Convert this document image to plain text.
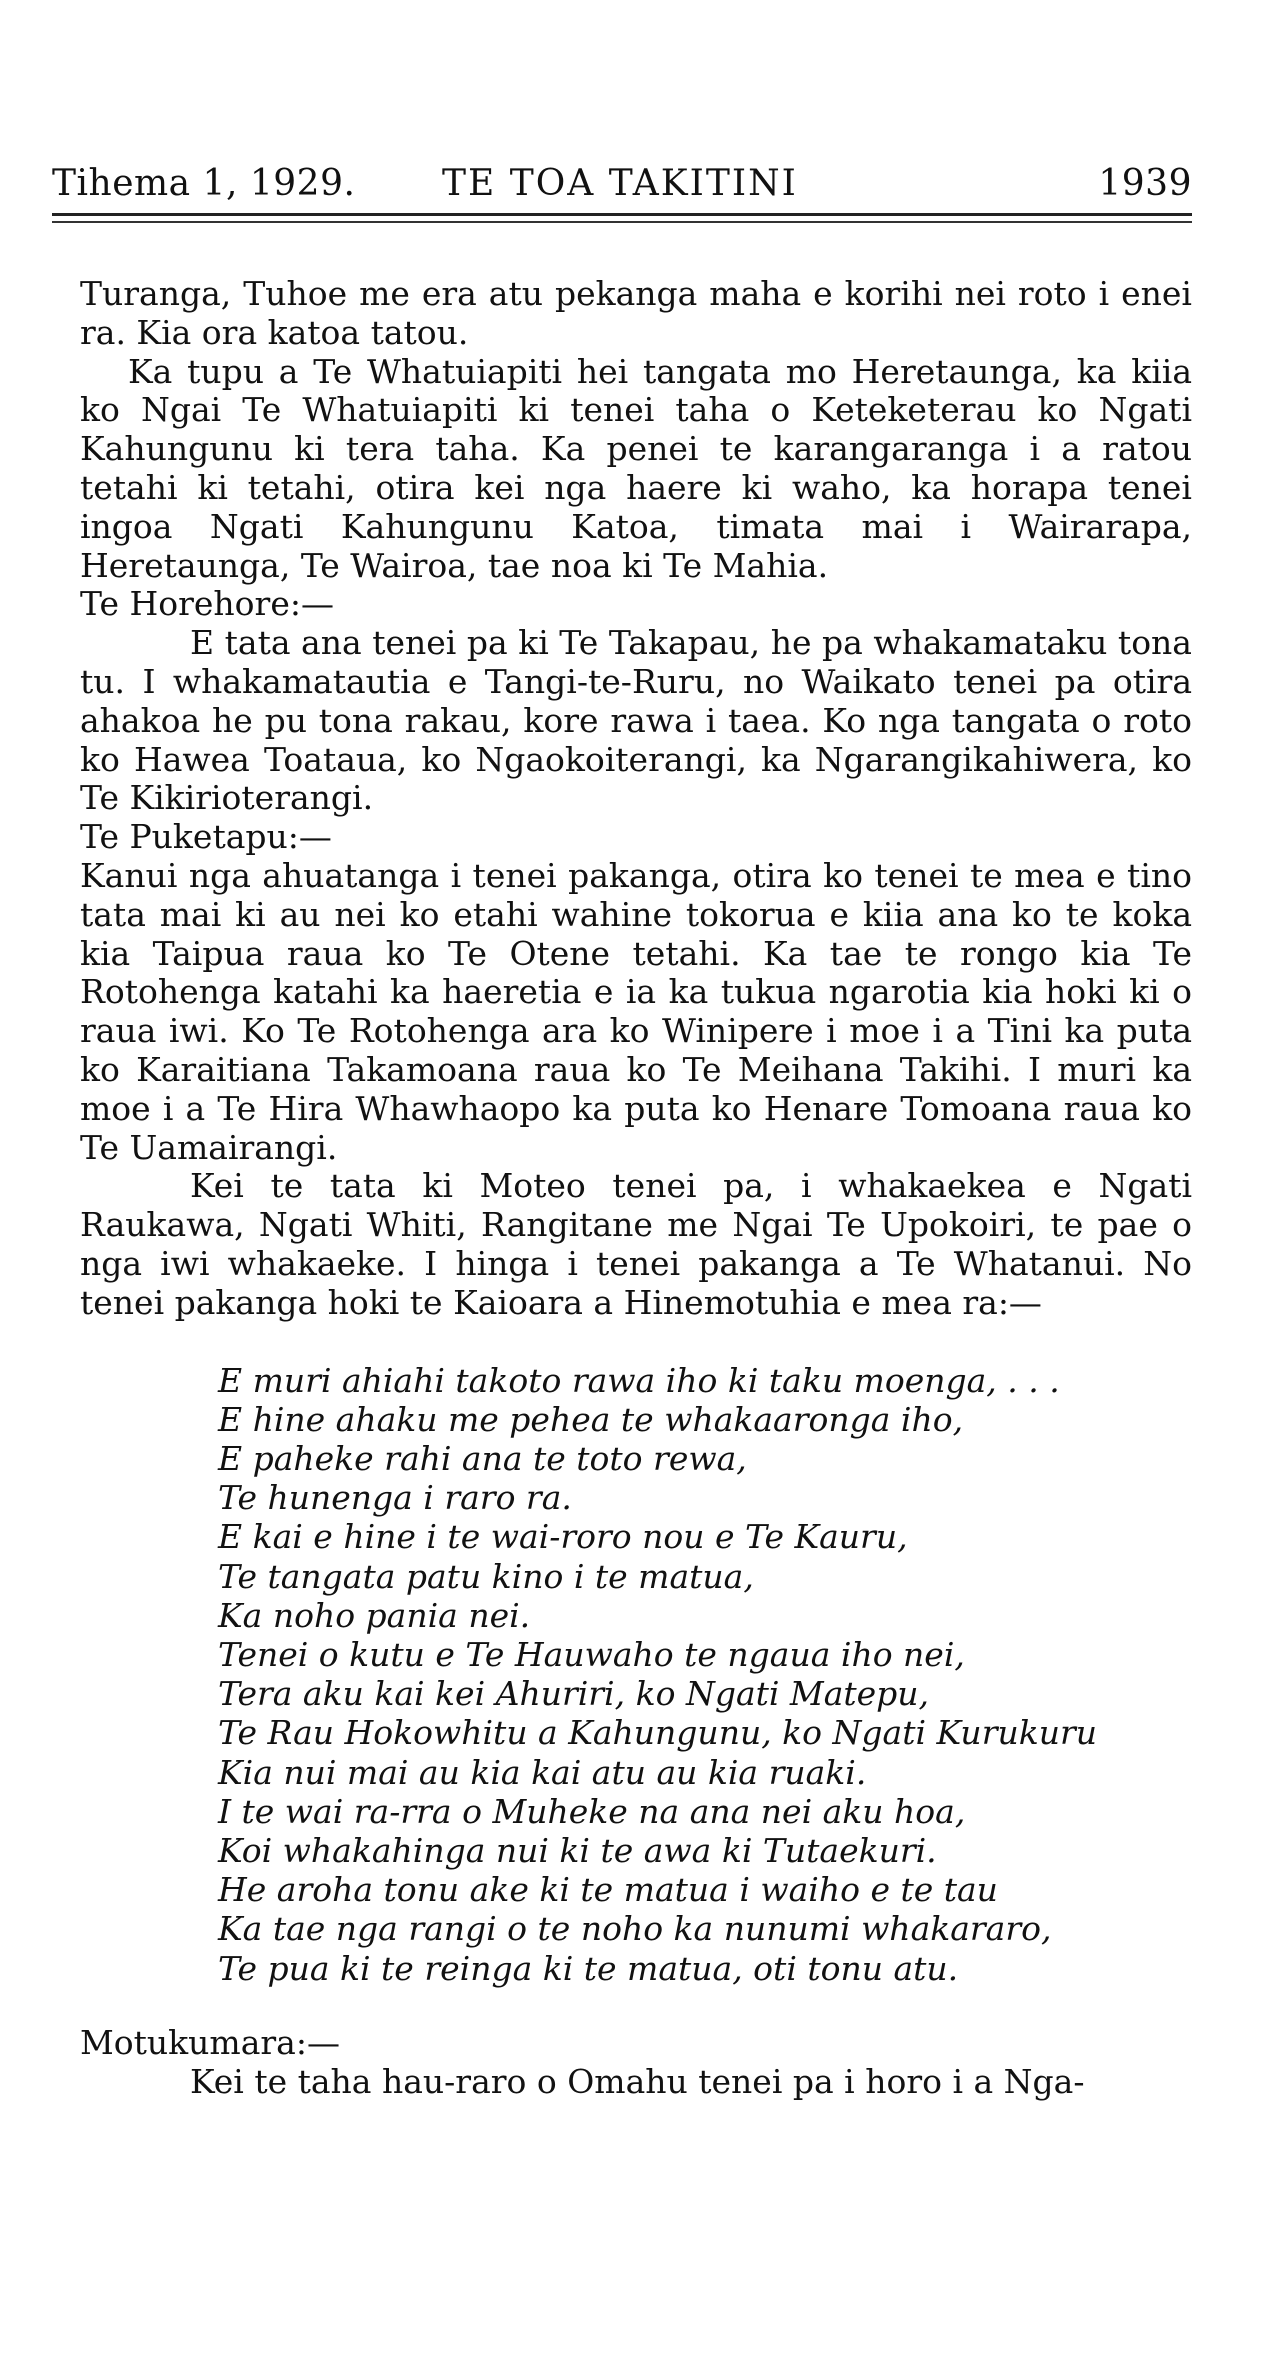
Tihema 1, 1929. TE TOA TAKITINI	1939

Turanga, Tuhoe me era atu pekanga maha e korihi nei roto i enei ra. Kia ora katoa tatou.

Ka tupu a Te Whatuiapiti hei tangata mo Heretaunga, ka kiia ko Ngai Te Whatuiapiti ki tenei taha o Keteketerau ko Ngati Kahungunu ki tera taha. Ka penei te karangaranga i a ratou tetahi ki tetahi, otira kei nga haere ki waho, ka horapa tenei ingoa Ngati Kahungunu Katoa, timata mai i Wairarapa, Heretaunga, Te Wairoa, tae noa ki Te Mahia.

Te Horehore:—

E tata ana tenei pa ki Te Takapau, he pa whakamataku tona tu. I whakamatautia e Tangi-te-Ruru, no Waikato tenei pa otira ahakoa he pu tona rakau, kore rawa i taea. Ko nga tangata o roto ko Hawea Toataua, ko Ngaokoiterangi, ka Ngarangikahiwera, ko Te Kikirioterangi.

Te Puketapu:—

Kanui nga ahuatanga i tenei pakanga, otira ko tenei te mea e tino tata mai ki au nei ko etahi wahine tokorua e kiia ana ko te koka kia Taipua raua ko Te Otene tetahi. Ka tae te rongo kia Te Rotohenga katahi ka haeretia e ia ka tukua ngarotia kia hoki ki o raua iwi. Ko Te Rotohenga ara ko Winipere i moe i a Tini ka puta ko Karaitiana Takamoana raua ko Te Meihana Takihi. I muri ka moe i a Te Hira Whawhaopo ka puta ko Henare Tomoana raua ko Te Uamairangi.

Kei te tata ki Moteo tenei pa, i whakaekea e Ngati Raukawa, Ngati Whiti, Rangitane me Ngai Te Upokoiri, te pae o nga iwi whakaeke. I hinga i tenei pakanga a Te Whatanui. No tenei pakanga hoki te Kaioara a Hinemotuhia e mea ra:—

E muri ahiahi takoto rawa iho ki taku moenga, . . .
E hine ahaku me pehea te whakaaronga iho,
E paheke rahi ana te toto rewa,
Te hunenga i raro ra.
E kai e hine i te wai-roro nou e Te Kauru,
Te tangata patu kino i te matua,
Ka noho pania nei.
Tenei o kutu e Te Hauwaho te ngaua iho nei,
Tera aku kai kei Ahuriri, ko Ngati Matepu,
Te Rau Hokowhitu a Kahungunu, ko Ngati Kurukuru
Kia nui mai au kia kai atu au kia ruaki.
I te wai ra-rra o Muheke na ana nei aku hoa,
Koi whakahinga nui ki te awa ki Tutaekuri.
He aroha tonu ake ki te matua i waiho e te tau
Ka tae nga rangi o te noho ka nunumi whakararo,
Te pua ki te reinga ki te matua, oti tonu atu.

Motukumara:—

Kei te taha hau-raro o Omahu tenei pa i horo i a Nga-
